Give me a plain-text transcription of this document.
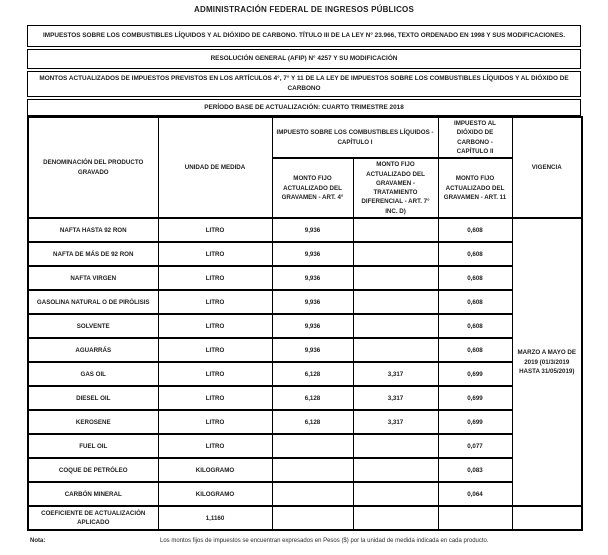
ADMINISTRACIÓN FEDERAL DE INGRESOS PÚBLICOS
IMPUESTOS SOBRE LOS COMBUSTIBLES LÍQUIDOS Y AL DIÓXIDO DE CARBONO. TÍTULO III DE LA LEY N° 23.966, TEXTO ORDENADO EN 1998 Y SUS MODIFICACIONES.
RESOLUCIÓN GENERAL (AFIP) N° 4257 Y SU MODIFICACIÓN
MONTOS ACTUALIZADOS DE IMPUESTOS PREVISTOS EN LOS ARTÍCULOS 4°, 7° Y 11 DE LA LEY DE IMPUESTOS SOBRE LOS COMBUSTIBLES LÍQUIDOS Y AL DIÓXIDO DE CARBONO
PERÍODO BASE DE ACTUALIZACIÓN: CUARTO TRIMESTRE 2018
DENOMINACIÓN DEL PRODUCTO GRAVADO	UNIDAD DE MEDIDA	IMPUESTO SOBRE LOS COMBUSTIBLES LÍQUIDOS - CAPÍTULO I		IMPUESTO AL DIÓXIDO DE CARBONO - CAPÍTULO II	VIGENCIA
		MONTO FIJO ACTUALIZADO DEL GRAVAMEN - ART. 4°	MONTO FIJO ACTUALIZADO DEL GRAVAMEN - TRATAMIENTO DIFERENCIAL - ART. 7° INC. D)	MONTO FIJO ACTUALIZADO DEL GRAVAMEN - ART. 11	
NAFTA HASTA 92 RON	LITRO	9,936		0,608	MARZO A MAYO DE 2019 (01/3/2019 HASTA 31/05/2019)
NAFTA DE MÁS DE 92 RON	LITRO	9,936		0,608	
NAFTA VIRGEN	LITRO	9,936		0,608	
GASOLINA NATURAL O DE PIRÓLISIS	LITRO	9,936		0,608	
SOLVENTE	LITRO	9,936		0,608	
AGUARRÁS	LITRO	9,936		0,608	
GAS OIL	LITRO	6,128	3,317	0,699	
DIESEL OIL	LITRO	6,128	3,317	0,699	
KEROSENE	LITRO	6,128	3,317	0,699	
FUEL OIL	LITRO			0,077	
COQUE DE PETRÓLEO	KILOGRAMO			0,083	
CARBÓN MINERAL	KILOGRAMO			0,064	
COEFICIENTE DE ACTUALIZACIÓN APLICADO	1,1160				
Nota:	Los montos fijos de impuestos se encuentran expresados en Pesos ($) por la unidad de medida indicada en cada producto.
